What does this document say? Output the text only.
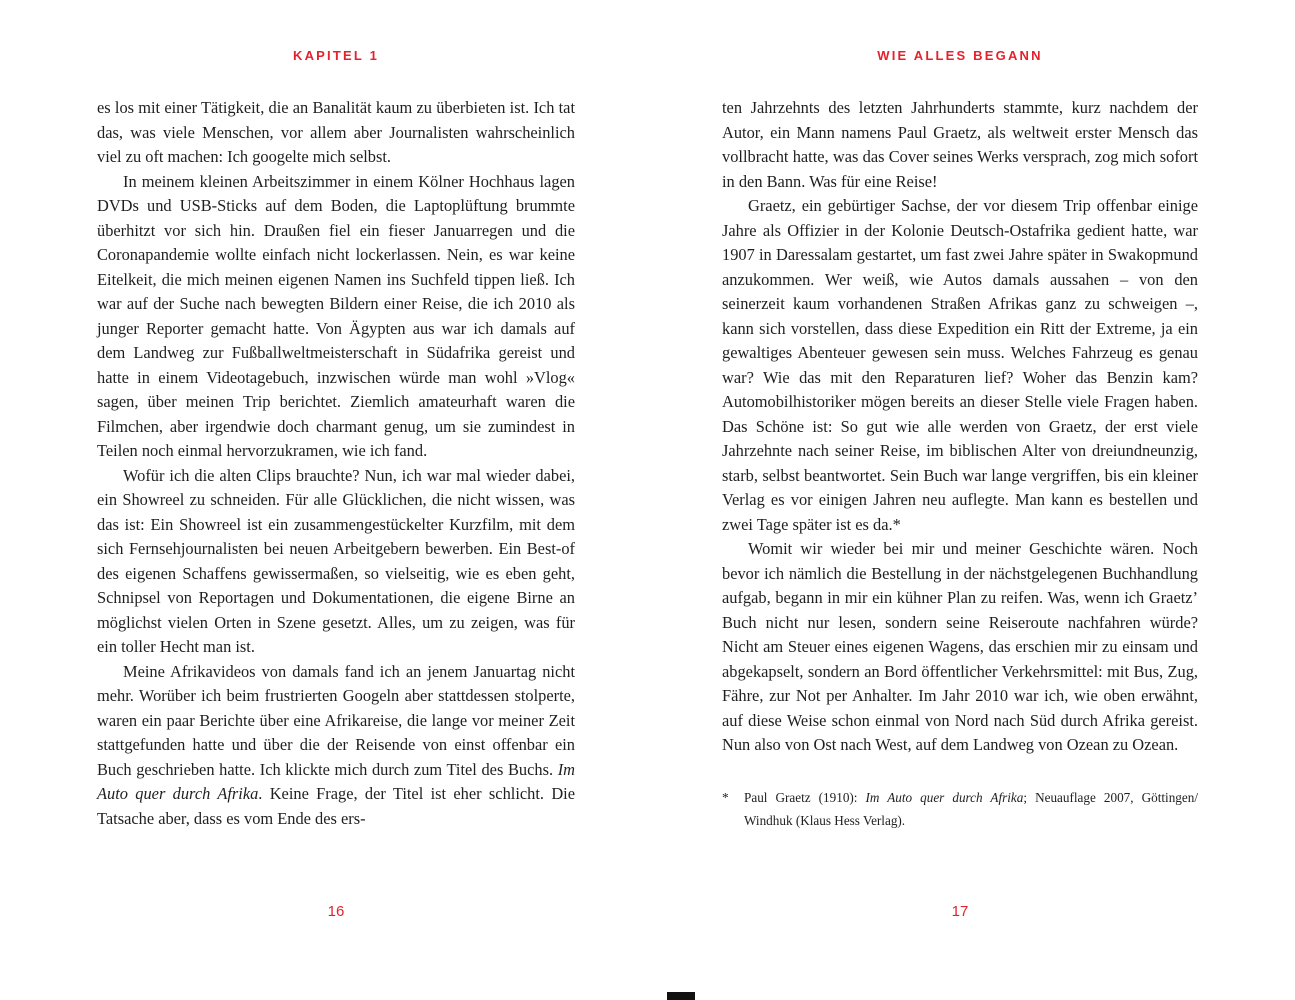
KAPITEL 1

es los mit einer Tätigkeit, die an Banalität kaum zu überbieten ist. Ich tat das, was viele Menschen, vor allem aber Journalisten wahrscheinlich viel zu oft machen: Ich googelte mich selbst.

In meinem kleinen Arbeitszimmer in einem Kölner Hochhaus lagen DVDs und USB-Sticks auf dem Boden, die Laptoplüftung brummte überhitzt vor sich hin. Draußen fiel ein fieser Januarregen und die Coronapandemie wollte einfach nicht lockerlassen. Nein, es war keine Eitelkeit, die mich meinen eigenen Namen ins Suchfeld tippen ließ. Ich war auf der Suche nach bewegten Bildern einer Reise, die ich 2010 als junger Reporter gemacht hatte. Von Ägypten aus war ich damals auf dem Landweg zur Fußballweltmeisterschaft in Südafrika gereist und hatte in einem Videotagebuch, inzwischen würde man wohl »Vlog« sagen, über meinen Trip berichtet. Ziemlich amateurhaft waren die Filmchen, aber irgendwie doch charmant genug, um sie zumindest in Teilen noch einmal hervorzukramen, wie ich fand.

Wofür ich die alten Clips brauchte? Nun, ich war mal wieder dabei, ein Showreel zu schneiden. Für alle Glücklichen, die nicht wissen, was das ist: Ein Showreel ist ein zusammengestückelter Kurzfilm, mit dem sich Fernsehjournalisten bei neuen Arbeitgebern bewerben. Ein Best-of des eigenen Schaffens gewissermaßen, so vielseitig, wie es eben geht, Schnipsel von Reportagen und Dokumentationen, die eigene Birne an möglichst vielen Orten in Szene gesetzt. Alles, um zu zeigen, was für ein toller Hecht man ist.

Meine Afrikavideos von damals fand ich an jenem Januartag nicht mehr. Worüber ich beim frustrierten Googeln aber stattdessen stolperte, waren ein paar Berichte über eine Afrikareise, die lange vor meiner Zeit stattgefunden hatte und über die der Reisende von einst offenbar ein Buch geschrieben hatte. Ich klickte mich durch zum Titel des Buchs. Im Auto quer durch Afrika. Keine Frage, der Titel ist eher schlicht. Die Tatsache aber, dass es vom Ende des ers-

16
WIE ALLES BEGANN

ten Jahrzehnts des letzten Jahrhunderts stammte, kurz nachdem der Autor, ein Mann namens Paul Graetz, als weltweit erster Mensch das vollbracht hatte, was das Cover seines Werks versprach, zog mich sofort in den Bann. Was für eine Reise!

Graetz, ein gebürtiger Sachse, der vor diesem Trip offenbar einige Jahre als Offizier in der Kolonie Deutsch-Ostafrika gedient hatte, war 1907 in Daressalam gestartet, um fast zwei Jahre später in Swakopmund anzukommen. Wer weiß, wie Autos damals aussahen – von den seinerzeit kaum vorhandenen Straßen Afrikas ganz zu schweigen –, kann sich vorstellen, dass diese Expedition ein Ritt der Extreme, ja ein gewaltiges Abenteuer gewesen sein muss. Welches Fahrzeug es genau war? Wie das mit den Reparaturen lief? Woher das Benzin kam? Automobilhistoriker mögen bereits an dieser Stelle viele Fragen haben. Das Schöne ist: So gut wie alle werden von Graetz, der erst viele Jahrzehnte nach seiner Reise, im biblischen Alter von dreiundneunzig, starb, selbst beantwortet. Sein Buch war lange vergriffen, bis ein kleiner Verlag es vor einigen Jahren neu auflegte. Man kann es bestellen und zwei Tage später ist es da.*

Womit wir wieder bei mir und meiner Geschichte wären. Noch bevor ich nämlich die Bestellung in der nächstgelegenen Buchhandlung aufgab, begann in mir ein kühner Plan zu reifen. Was, wenn ich Graetz’ Buch nicht nur lesen, sondern seine Reiseroute nachfahren würde? Nicht am Steuer eines eigenen Wagens, das erschien mir zu einsam und abgekapselt, sondern an Bord öffentlicher Verkehrsmittel: mit Bus, Zug, Fähre, zur Not per Anhalter. Im Jahr 2010 war ich, wie oben erwähnt, auf diese Weise schon einmal von Nord nach Süd durch Afrika gereist. Nun also von Ost nach West, auf dem Landweg von Ozean zu Ozean.

*	Paul Graetz (1910): Im Auto quer durch Afrika; Neuauflage 2007, Göttingen/ Windhuk (Klaus Hess Verlag).
17
